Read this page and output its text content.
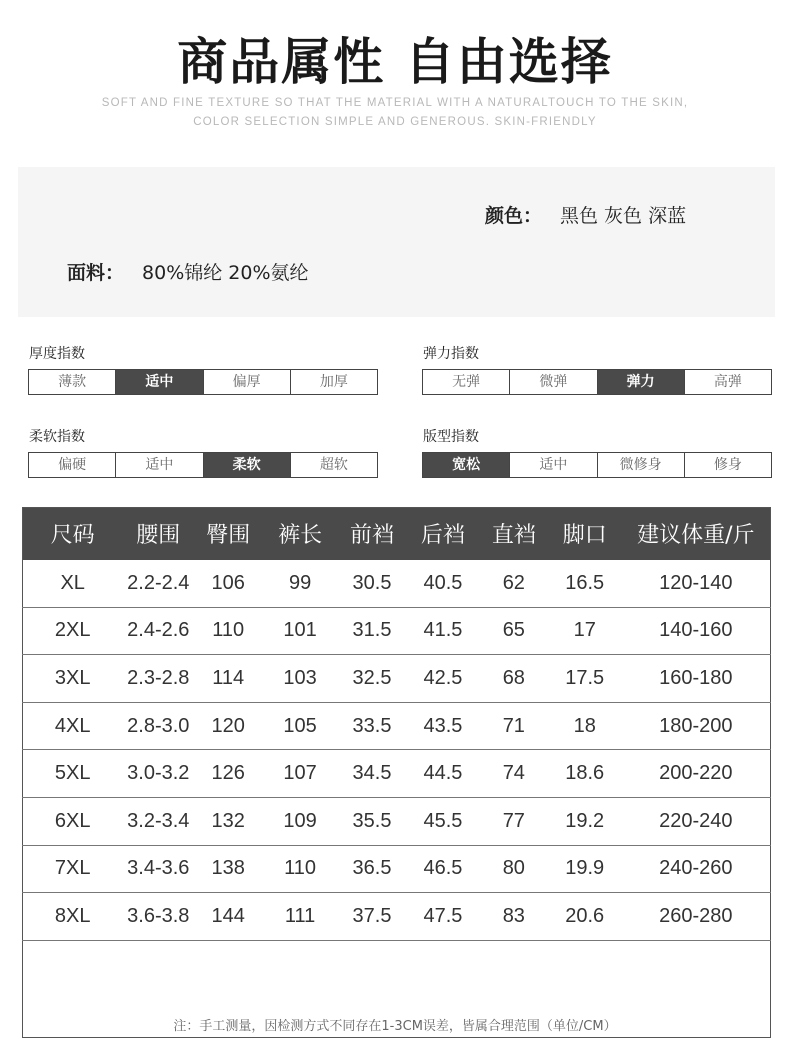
商品属性 自由选择
SOFT AND FINE TEXTURE SO THAT THE MATERIAL WITH A NATURALTOUCH TO THE SKIN,
COLOR SELECTION SIMPLE AND GENEROUS. SKIN-FRIENDLY
颜色： 黑色 灰色 深蓝
面料： 80%锦纶 20%氨纶
厚度指数
薄款	适中	偏厚	加厚
弹力指数
无弹	微弹	弹力	高弹
柔软指数
偏硬	适中	柔软	超软
版型指数
宽松	适中	微修身	修身
尺码	腰围	臀围	裤长	前裆	后裆	直裆	脚口	建议体重/斤
XL	2.2-2.4	106	99	30.5	40.5	62	16.5	120-140
2XL	2.4-2.6	110	101	31.5	41.5	65	17	140-160
3XL	2.3-2.8	114	103	32.5	42.5	68	17.5	160-180
4XL	2.8-3.0	120	105	33.5	43.5	71	18	180-200
5XL	3.0-3.2	126	107	34.5	44.5	74	18.6	200-220
6XL	3.2-3.4	132	109	35.5	45.5	77	19.2	220-240
7XL	3.4-3.6	138	110	36.5	46.5	80	19.9	240-260
8XL	3.6-3.8	144	111	37.5	47.5	83	20.6	260-280

注：手工测量，因检测方式不同存在1-3CM误差，皆属合理范围（单位/CM）
